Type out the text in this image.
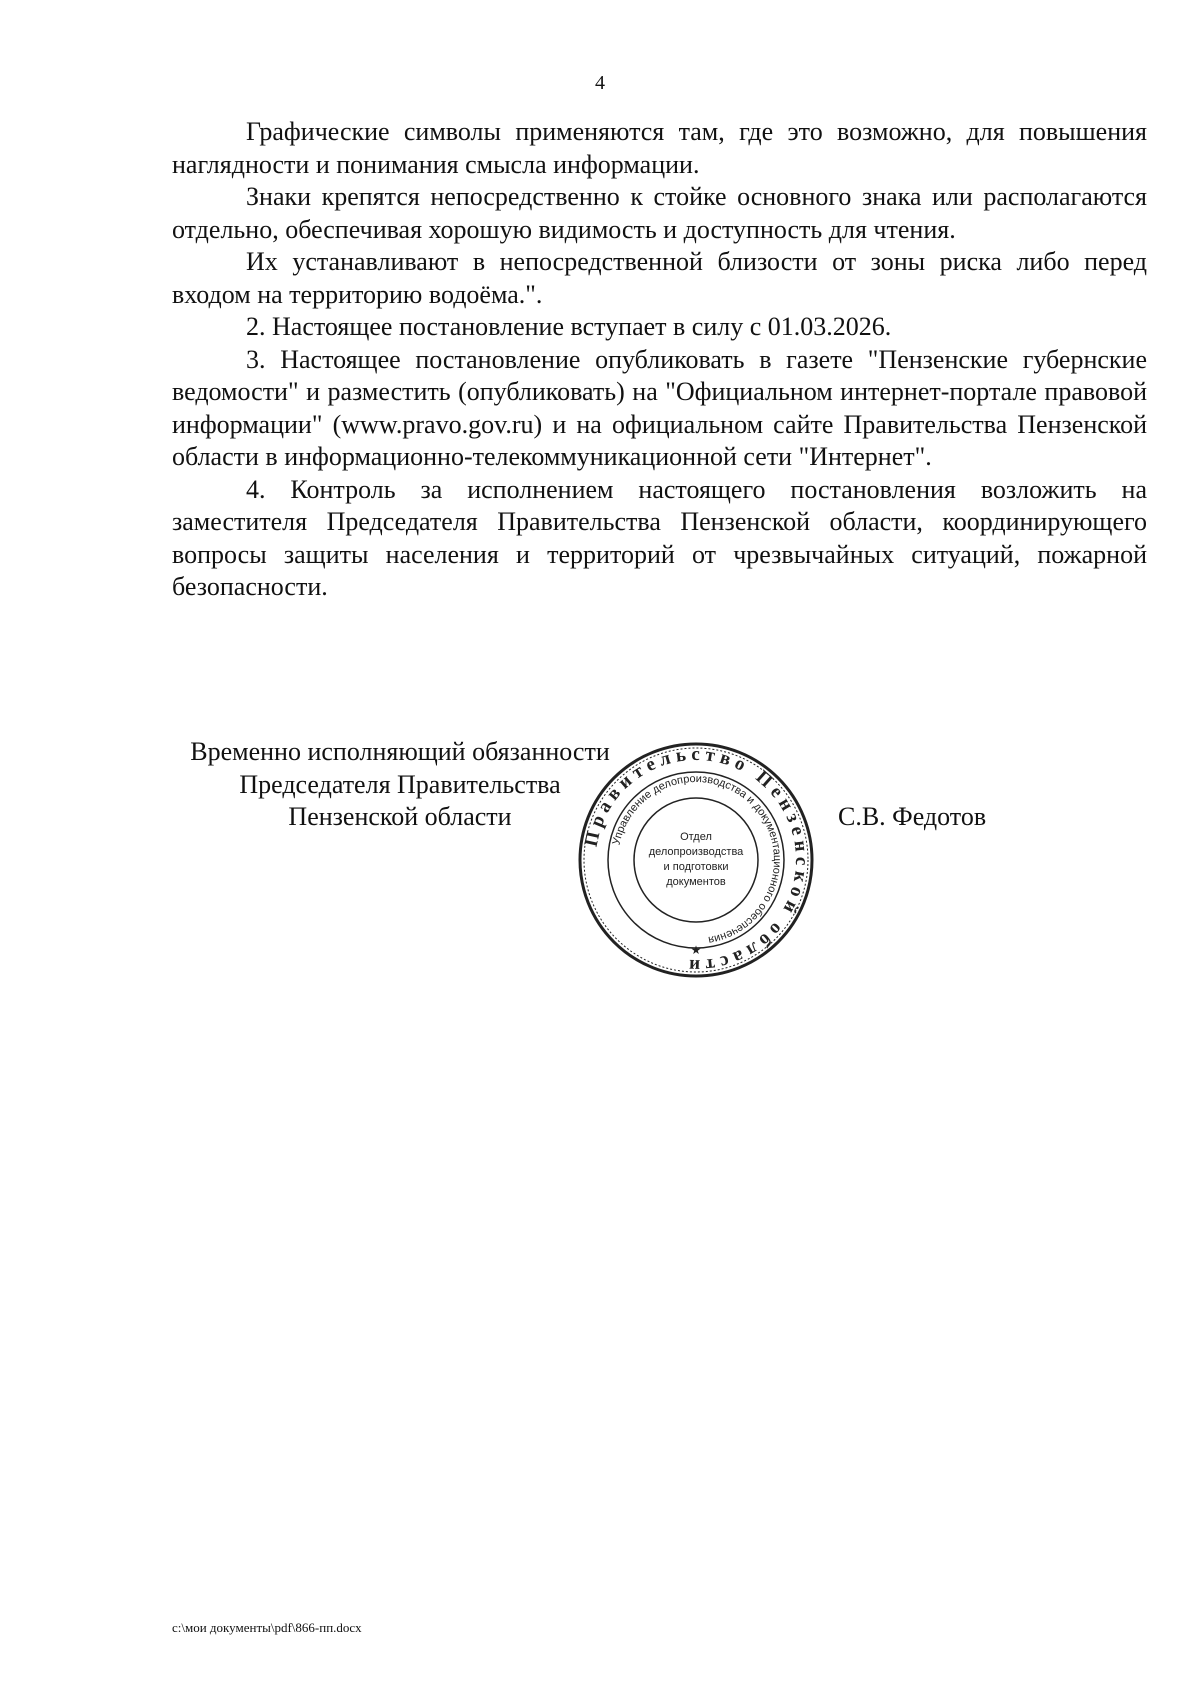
4

Графические символы применяются там, где это возможно, для повышения наглядности и понимания смысла информации.

Знаки крепятся непосредственно к стойке основного знака или располагаются отдельно, обеспечивая хорошую видимость и доступность для чтения.

Их устанавливают в непосредственной близости от зоны риска либо перед входом на территорию водоёма.".

2. Настоящее постановление вступает в силу с 01.03.2026.

3. Настоящее постановление опубликовать в газете "Пензенские губернские ведомости" и разместить (опубликовать) на "Официальном интернет-портале правовой информации" (www.pravo.gov.ru) и на официальном сайте Правительства Пензенской области в информационно-телекоммуникационной сети "Интернет".

4. Контроль за исполнением настоящего постановления возложить на заместителя Председателя Правительства Пензенской области, координирующего вопросы защиты населения и территорий от чрезвычайных ситуаций, пожарной безопасности.

Временно исполняющий обязанности
Председателя Правительства
Пензенской области
Правительство Пензенской области
Управление делопроизводства и документационного обеспечения
Отдел
делопроизводства
и подготовки
документов
★
С.В. Федотов
c:\мои документы\pdf\866-пп.docx
